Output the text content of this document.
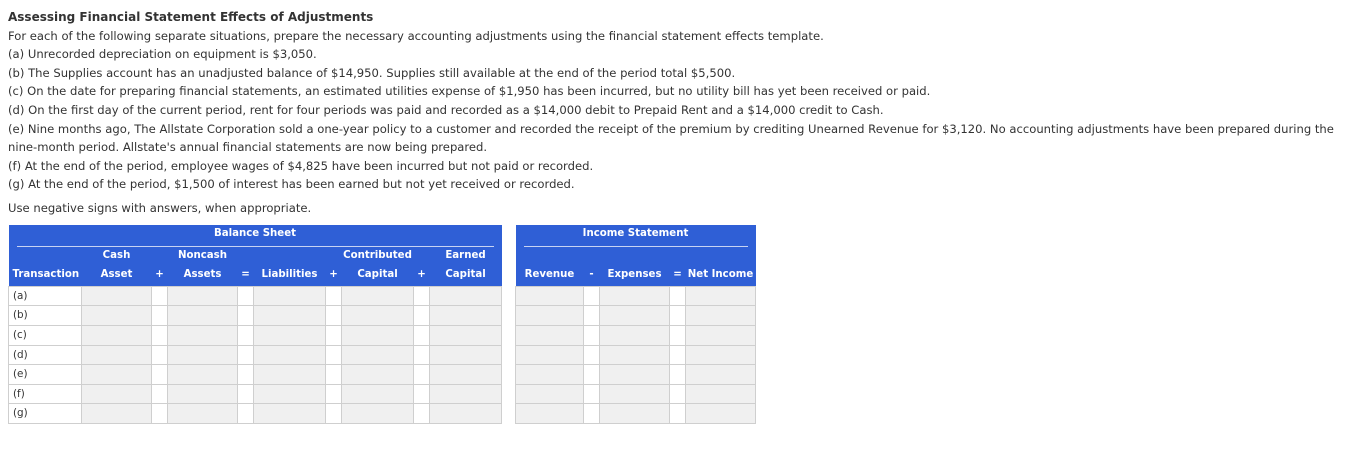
Assessing Financial Statement Effects of Adjustments

For each of the following separate situations, prepare the necessary accounting adjustments using the financial statement effects template.

(a) Unrecorded depreciation on equipment is $3,050.

(b) The Supplies account has an unadjusted balance of $14,950. Supplies still available at the end of the period total $5,500.

(c) On the date for preparing financial statements, an estimated utilities expense of $1,950 has been incurred, but no utility bill has yet been received or paid.

(d) On the first day of the current period, rent for four periods was paid and recorded as a $14,000 debit to Prepaid Rent and a $14,000 credit to Cash.

(e) Nine months ago, The Allstate Corporation sold a one-year policy to a customer and recorded the receipt of the premium by crediting Unearned Revenue for $3,120. No accounting adjustments have been prepared during the nine-month period. Allstate's annual financial statements are now being prepared.

(f) At the end of the period, employee wages of $4,825 have been incurred but not paid or recorded.

(g) At the end of the period, $1,500 of interest has been earned but not yet received or recorded.

Use negative signs with answers, when appropriate.

Balance Sheet											Income Statement				

	Cash		Noncash				Contributed		Earned						
Transaction	Asset	+	Assets	=	Liabilities	+	Capital	+	Capital		Revenue	-	Expenses	=	Net Income
(a)															
(b)															
(c)															
(d)															
(e)															
(f)															
(g)															
